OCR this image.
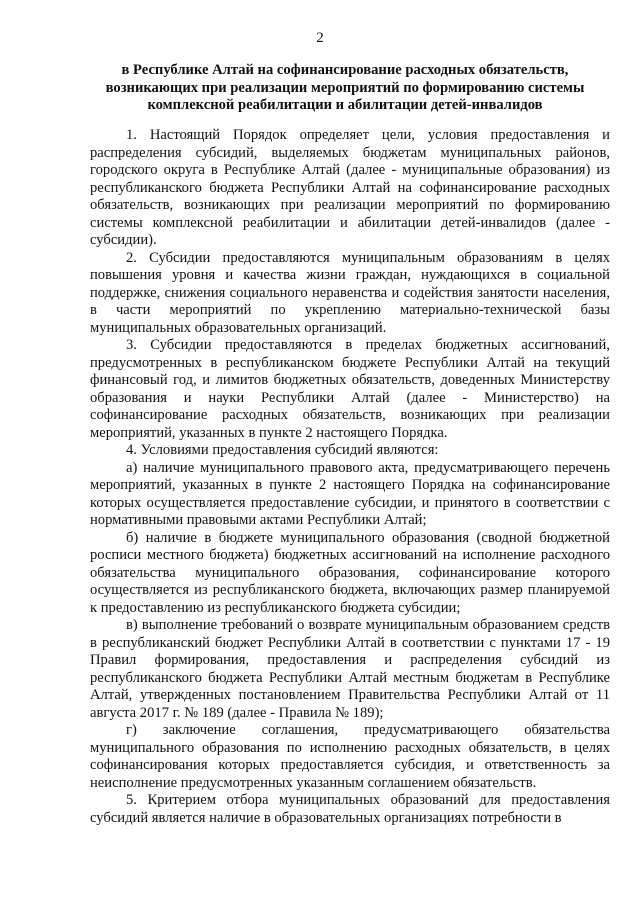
2
в Республике Алтай на софинансирование расходных обязательств,
возникающих при реализации мероприятий по формированию системы
комплексной реабилитации и абилитации детей-инвалидов

1. Настоящий Порядок определяет цели, условия предоставления и распределения субсидий, выделяемых бюджетам муниципальных районов, городского округа в Республике Алтай (далее - муниципальные образования) из республиканского бюджета Республики Алтай на софинансирование расходных обязательств, возникающих при реализации мероприятий по формированию системы комплексной реабилитации и абилитации детей-инвалидов (далее - субсидии).

2. Субсидии предоставляются муниципальным образованиям в целях повышения уровня и качества жизни граждан, нуждающихся в социальной поддержке, снижения социального неравенства и содействия занятости населения, в части мероприятий по укреплению материально-технической базы муниципальных образовательных организаций.

3. Субсидии предоставляются в пределах бюджетных ассигнований, предусмотренных в республиканском бюджете Республики Алтай на текущий финансовый год, и лимитов бюджетных обязательств, доведенных Министерству образования и науки Республики Алтай (далее - Министерство) на софинансирование расходных обязательств, возникающих при реализации мероприятий, указанных в пункте 2 настоящего Порядка.

4. Условиями предоставления субсидий являются:

а) наличие муниципального правового акта, предусматривающего перечень мероприятий, указанных в пункте 2 настоящего Порядка на софинансирование которых осуществляется предоставление субсидии, и принятого в соответствии с нормативными правовыми актами Республики Алтай;

б) наличие в бюджете муниципального образования (сводной бюджетной росписи местного бюджета) бюджетных ассигнований на исполнение расходного обязательства муниципального образования, софинансирование которого осуществляется из республиканского бюджета, включающих размер планируемой к предоставлению из республиканского бюджета субсидии;

в) выполнение требований о возврате муниципальным образованием средств в республиканский бюджет Республики Алтай в соответствии с пунктами 17 - 19 Правил формирования, предоставления и распределения субсидий из республиканского бюджета Республики Алтай местным бюджетам в Республике Алтай, утвержденных постановлением Правительства Республики Алтай от 11 августа 2017 г. № 189 (далее - Правила № 189);

г) заключение соглашения, предусматривающего обязательства муниципального образования по исполнению расходных обязательств, в целях софинансирования которых предоставляется субсидия, и ответственность за неисполнение предусмотренных указанным соглашением обязательств.

5. Критерием отбора муниципальных образований для предоставления субсидий является наличие в образовательных организациях потребности в
